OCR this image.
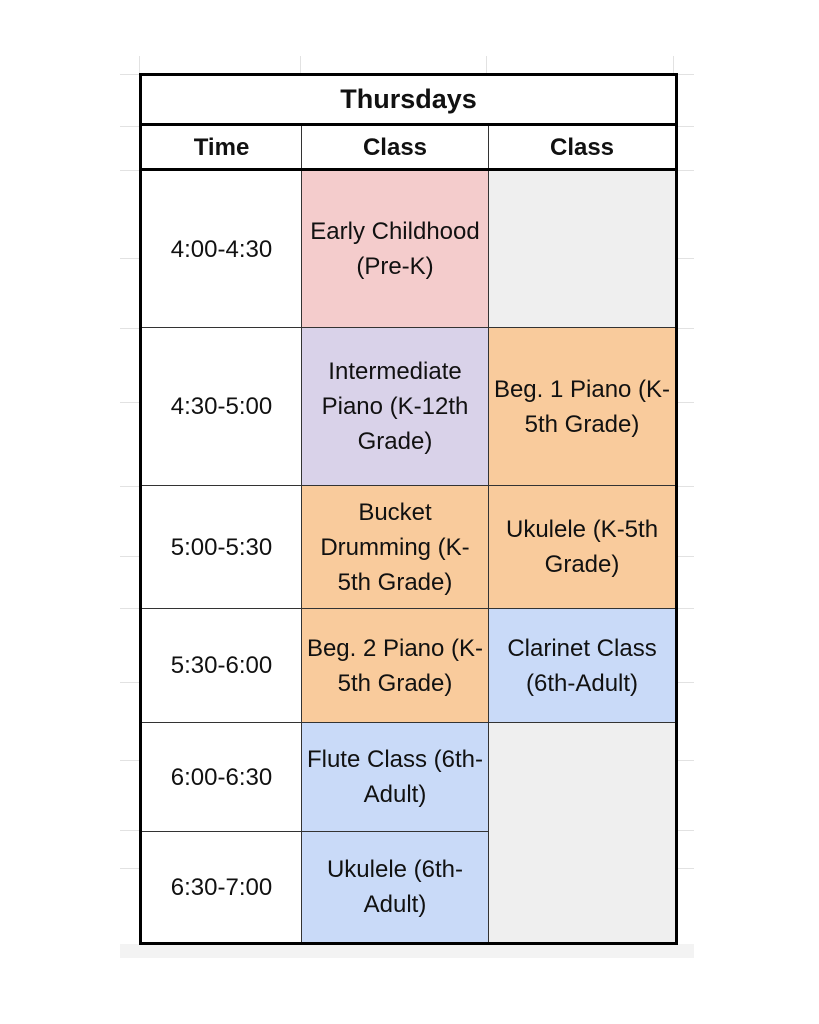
Thursdays		
Time	Class	Class
4:00-4:30	Early Childhood (Pre-K)	
4:30-5:00	Intermediate Piano (K-12th Grade)	Beg. 1 Piano (K-5th Grade)
5:00-5:30	Bucket Drumming (K-5th Grade)	Ukulele (K-5th Grade)
5:30-6:00	Beg. 2 Piano (K-5th Grade)	Clarinet Class (6th-Adult)
6:00-6:30	Flute Class (6th-Adult)	
6:30-7:00	Ukulele (6th-Adult)	
